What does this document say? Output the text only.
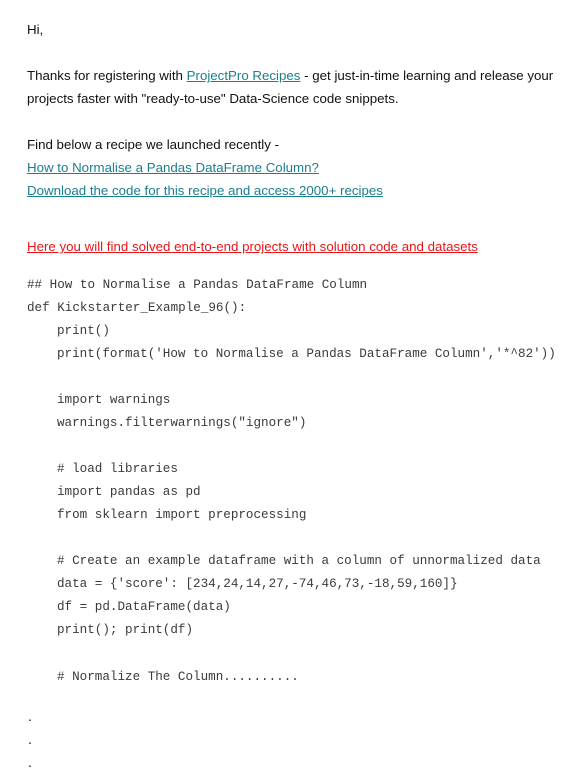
Hi,

Thanks for registering with ProjectPro Recipes - get just-in-time learning and release your

projects faster with "ready-to-use" Data-Science code snippets.

Find below a recipe we launched recently -

How to Normalise a Pandas DataFrame Column?

Download the code for this recipe and access 2000+ recipes

Here you will find solved end-to-end projects with solution code and datasets

## How to Normalise a Pandas DataFrame Column

def Kickstarter_Example_96():

print()

print(format('How to Normalise a Pandas DataFrame Column','*^82'))

import warnings

warnings.filterwarnings("ignore")

# load libraries

import pandas as pd

from sklearn import preprocessing

# Create an example dataframe with a column of unnormalized data

data = {'score': [234,24,14,27,-74,46,73,-18,59,160]}

df = pd.DataFrame(data)

print(); print(df)

# Normalize The Column..........

.
.
.
